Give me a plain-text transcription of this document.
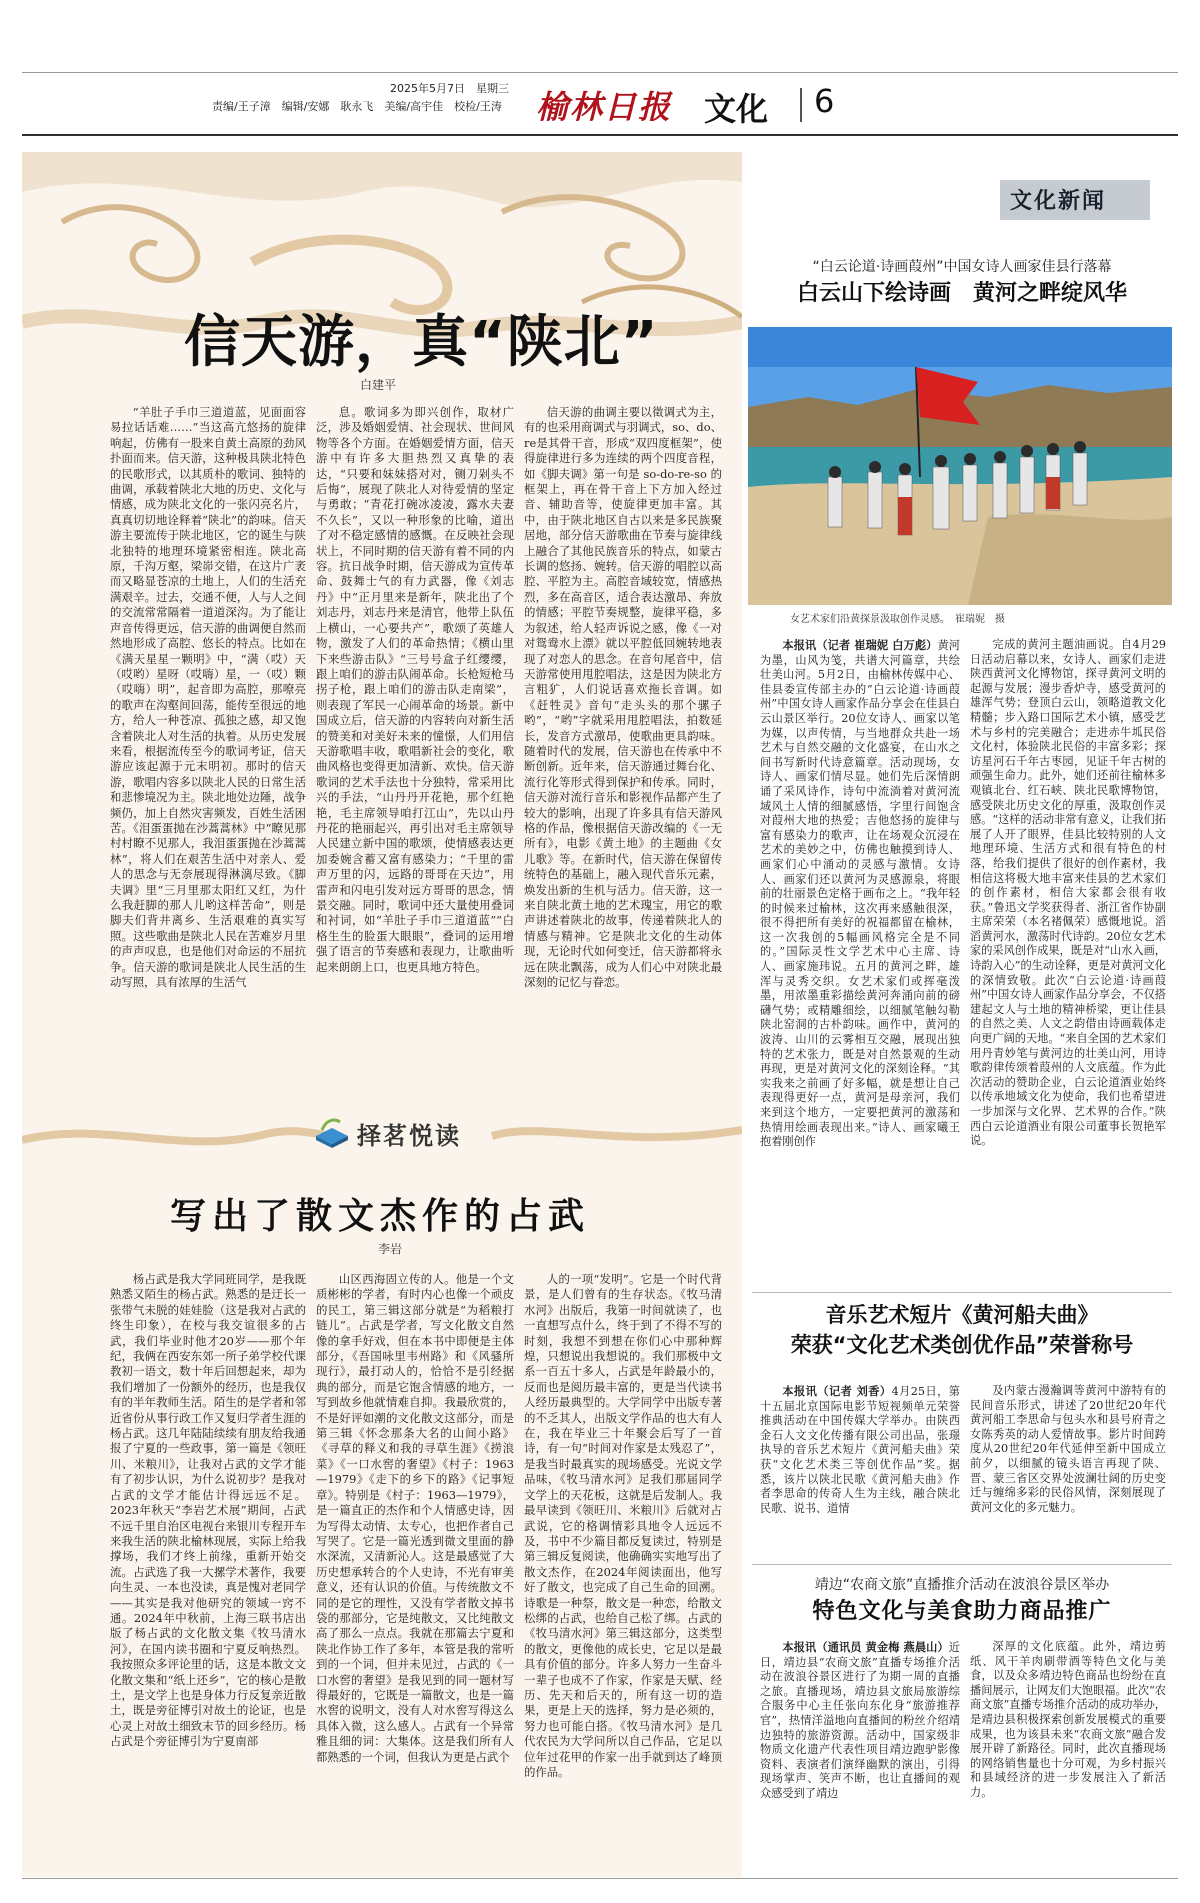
2025年5月7日　星期三
责编/王子漳　编辑/安娜　耿永飞　美编/高宇佳　校检/王涛 榆林日报 文化 6
信天游，真“陕北”
白建平

“羊肚子手巾三道道蓝，见面面容易拉话话难……”当这高亢悠扬的旋律响起，仿佛有一股来自黄土高原的劲风扑面而来。信天游，这种极具陕北特色的民歌形式，以其质朴的歌词、独特的曲调，承载着陕北大地的历史、文化与情感，成为陕北文化的一张闪亮名片，真真切切地诠释着“陕北”的韵味。信天游主要流传于陕北地区，它的诞生与陕北独特的地理环境紧密相连。陕北高原，千沟万壑，梁峁交错，在这片广袤而又略显苍凉的土地上，人们的生活充满艰辛。过去，交通不便，人与人之间的交流常常隔着一道道深沟。为了能让声音传得更远，信天游的曲调便自然而然地形成了高腔、悠长的特点。比如在《满天星星一颗明》中，“满（哎）天（哎哟）星呀（哎嗨）星，一（哎）颗（哎嗨）明”，起音即为高腔，那嘹亮的歌声在沟壑间回荡，能传至很远的地方，给人一种苍凉、孤独之感，却又饱含着陕北人对生活的执着。从历史发展来看，根据流传至今的歌词考证，信天游应该起源于元末明初。那时的信天游，歌唱内容多以陕北人民的日常生活和悲惨境况为主。陕北地处边陲，战争频仍，加上自然灾害频发，百姓生活困苦。《泪蛋蛋抛在沙蒿蒿林》中“瞭见那村村瞭不见那人，我泪蛋蛋抛在沙蒿蒿林”，将人们在艰苦生活中对亲人、爱人的思念与无奈展现得淋漓尽致。《脚夫调》里“三月里那太阳红又红，为什么我赶脚的那人儿哟这样苦命”，则是脚夫们背井离乡、生活艰难的真实写照。这些歌曲是陕北人民在苦难岁月里的声声叹息，也是他们对命运的不屈抗争。信天游的歌词是陕北人民生活的生动写照，具有浓厚的生活气

息。歌词多为即兴创作，取材广泛，涉及婚姻爱情、社会现状、世间风物等各个方面。在婚姻爱情方面，信天游中有许多大胆热烈又真挚的表达，“只要和妹妹搭对对，铡刀剁头不后悔”，展现了陕北人对待爱情的坚定与勇敢；“青花打碗冰凌凌，露水夫妻不久长”，又以一种形象的比喻，道出了对不稳定感情的感慨。在反映社会现状上，不同时期的信天游有着不同的内容。抗日战争时期，信天游成为宣传革命、鼓舞士气的有力武器，像《刘志丹》中“正月里来是新年，陕北出了个刘志丹，刘志丹来是清官，他带上队伍上横山，一心要共产”，歌颂了英雄人物，激发了人们的革命热情；《横山里下来些游击队》“三号号盒子红缨缨，跟上咱们的游击队闹革命。长枪短枪马拐子枪，跟上咱们的游击队走南梁”，则表现了军民一心闹革命的场景。新中国成立后，信天游的内容转向对新生活的赞美和对美好未来的憧憬，人们用信天游歌唱丰收，歌唱新社会的变化，歌曲风格也变得更加清新、欢快。信天游歌词的艺术手法也十分独特，常采用比兴的手法，“山丹丹开花艳，那个红艳艳，毛主席领导咱打江山”，先以山丹丹花的艳丽起兴，再引出对毛主席领导人民建立新中国的歌颂，使情感表达更加委婉含蓄又富有感染力；“千里的雷声万里的闪，远路的哥哥在天边”，用雷声和闪电引发对远方哥哥的思念，情景交融。同时，歌词中还大量使用叠词和衬词，如“羊肚子手巾三道道蓝”“白格生生的脸蛋大眼眼”，叠词的运用增强了语言的节奏感和表现力，让歌曲听起来朗朗上口，也更具地方特色。

信天游的曲调主要以徵调式为主，有的也采用商调式与羽调式，so、do、re是其骨干音，形成“双四度框架”，使得旋律进行多为连续的两个四度音程，如《脚夫调》第一句是 so-do-re-so 的框架上，再在骨干音上下方加入经过音、辅助音等，使旋律更加丰富。其中，由于陕北地区自古以来是多民族聚居地，部分信天游歌曲在节奏与旋律线上融合了其他民族音乐的特点，如蒙古长调的悠扬、婉转。信天游的唱腔以高腔、平腔为主。高腔音域较宽，情感热烈，多在高音区，适合表达激昂、奔放的情感；平腔节奏规整，旋律平稳，多为叙述，给人轻声诉说之感，像《一对对鸳鸯水上漂》就以平腔低回婉转地表现了对恋人的思念。在音句尾音中，信天游常使用甩腔唱法，这是因为陕北方言粗犷，人们说话喜欢拖长音调。如《赶牲灵》音句“走头头的那个骡子哟”，“哟”字就采用甩腔唱法，拍数延长，发音方式激昂，使歌曲更具韵味。随着时代的发展，信天游也在传承中不断创新。近年来，信天游通过舞台化、流行化等形式得到保护和传承。同时，信天游对流行音乐和影视作品都产生了较大的影响，出现了许多具有信天游风格的作品，像根据信天游改编的《一无所有》，电影《黄土地》的主题曲《女儿歌》等。在新时代，信天游在保留传统特色的基础上，融入现代音乐元素，焕发出新的生机与活力。信天游，这一来自陕北黄土地的艺术瑰宝，用它的歌声讲述着陕北的故事，传递着陕北人的情感与精神。它是陕北文化的生动体现，无论时代如何变迁，信天游都将永远在陕北飘荡，成为人们心中对陕北最深刻的记忆与眷恋。

择茗悦读
写出了散文杰作的占武
李岩

杨占武是我大学同班同学，是我既熟悉又陌生的杨占武。熟悉的是迂长一张带气未脱的娃娃脸（这是我对占武的终生印象），在校与我交谊很多的占武，我们毕业时他才20岁——那个年纪，我俩在西安东郊一所子弟学校代课教初一语文，数十年后回想起来，却为我们增加了一份额外的经历，也是我仅有的半年教师生活。陌生的是学者和邻近省份从事行政工作又复归学者生涯的杨占武。这几年陆陆续续有朋友给我通报了宁夏的一些政事，第一篇是《领旺川、米粮川》，让我对占武的文学才能有了初步认识，为什么说初步？是我对占武的文学才能估计得远远不足。2023年秋天“李岩艺术展”期间，占武不远千里自治区电视台来银川专程开车来我生活的陕北榆林现展，实际上给我撑场，我们才终上前缘，重新开始交流。占武选了我一大摞学术著作，我要向生灵、一本也没读，真是愧对老同学——其实是我对他研究的领域一窍不通。2024年中秋前，上海三联书店出版了杨占武的文化散文集《牧马清水河》，在国内读书圈和宁夏反响热烈。我按照众多评论里的话，这是本散文文化散文集和“纸上还乡”，它的核心是散土，是文学上也是身体力行反复亲近散土，既是旁征博引对故土的论证，也是心灵上对故土细致末节的回乡经历。杨占武是个旁征博引为宁夏南部

山区西海固立传的人。他是一个文质彬彬的学者，有时内心也像一个顽皮的民工，第三辑这部分就是“为稻粮打链儿”。占武是学者，写文化散文自然像的拿手好戏，但在本书中即便是主体部分，《吾国咏里韦州路》和《风骚所现行》，最打动人的，恰恰不是引经据典的部分，而是它饱含情感的地方，一写到故乡他就情难自抑。我最欣赏的，不是好评如潮的文化散文这部分，而是第三辑《怀念那条大名的山间小路》《寻草的释义和我的寻草生涯》《捞浪菜》《一口水窖的奢望》《村子：1963—1979》《走下的乡下的路》《记事短章》。特别是《村子：1963—1979》，是一篇直正的杰作和个人情感史诗，因为写得太动情、太专心，也把作者自己写哭了。它是一篇光透到微文里面的静水深流，又清新沁人。这是最感觉了大历史想承转合的个人史诗，不光有审美意义，还有认识的价值。与传统散文不同的是它的理性，又没有学者散文掉书袋的那部分，它是纯散文，又比纯散文高了那么一点点。我就在那篇去宁夏和陕北作协工作了多年，本管是我的常听到的一个词，但并未见过，占武的《一口水窖的奢望》是我见到的同一题材写得最好的，它既是一篇散文，也是一篇水窖的说明文，没有人对水窖写得这么具体入微，这么感人。占武有一个异常雅且细的词：大集体。这是我们所有人都熟悉的一个词，但我认为更是占武个

人的一项“发明”。它是一个时代背景，是人们曾有的生存状态。《牧马清水河》出版后，我第一时间就读了，也一直想写点什么，终于到了不得不写的时刻，我想不到想在你们心中那种辉煌，只想说出我想说的。我们那极中文系一百五十多人，占武是年龄最小的，反而也是阅历最丰富的，更是当代读书人经历最典型的。大学同学中出版专著的不乏其人，出版文学作品的也大有人在，我在毕业三十年聚会后写了一首诗，有一句“时间对作家是太残忍了”，是我当时最真实的现场感受。光说文学品味，《牧马清水河》足我们那届同学文学上的天花板，这就是后发制人。我最早读到《领旺川、米粮川》后就对占武说，它的格调情彩具地令人远远不及，书中不少篇目都反复读过，特别是第三辑反复阅读，他确确实实地写出了散文杰作，在2024年阅读面出，他写好了散文，也完成了自己生命的回溯。诗歌是一种祭，散文是一种恋，给散文松绑的占武，也给自己松了绑。占武的《牧马清水河》第三辑这部分，这类型的散文，更像他的成长史，它足以是最具有价值的部分。许多人努力一生奋斗一辈子也成不了作家，作家是天赋、经历、先天和后天的，所有这一切的造果，更是上天的选择，努力是必须的，努力也可能白搭。《牧马清水河》是几代农民为大学问所以自己作品，它足以位年过花甲的作家一出手就到达了峰顶的作品。

文化新闻
“白云论道·诗画葭州”中国女诗人画家佳县行落幕
白云山下绘诗画　黄河之畔绽风华
女艺术家们沿黄探景汲取创作灵感。　崔瑞妮　摄

本报讯（记者 崔瑞妮 白万彪）黄河为墨，山风为笺，共谱大河篇章，共绘壮美山河。5月2日，由榆林传媒中心、佳县委宣传部主办的“白云论道·诗画葭州”中国女诗人画家作品分享会在佳县白云山景区举行。20位女诗人、画家以笔为媒，以声传情，与当地群众共赴一场艺术与自然交融的文化盛宴，在山水之间书写新时代诗意篇章。活动现场，女诗人、画家们情尽显。她们先后深情朗诵了采风诗作，诗句中流淌着对黄河流域风土人情的细腻感悟，字里行间饱含对葭州大地的热爱；吉他悠扬的旋律与富有感染力的歌声，让在场观众沉浸在艺术的美妙之中，仿佛也触摸到诗人、画家们心中涌动的灵感与激情。女诗人、画家们还以黄河为灵感源泉，将眼前的壮丽景色定格于画布之上。“我年轻的时候来过榆林，这次再来感触很深，很不得把所有美好的祝福都留在榆林，这一次我创的5幅画风格完全是不同的。”国际灵性文学艺术中心主席、诗人、画家施玮说。五月的黄河之畔，雄浑与灵秀交织。女艺术家们或挥毫泼墨，用浓墨重彩描绘黄河奔涌向前的磅礴气势；或精雕细绘，以细腻笔触勾勒陕北窑洞的古朴韵味。画作中，黄河的波涛、山川的云雾相互交融，展现出独特的艺术张力，既是对自然景观的生动再现，更是对黄河文化的深刻诠释。“其实我来之前画了好多幅，就是想让自己表现得更好一点，黄河是母亲河，我们来到这个地方，一定要把黄河的激荡和热情用绘画表现出来。”诗人、画家曦王抱着刚创作

完成的黄河主题油画说。自4月29日活动启幕以来，女诗人、画家们走进陕西黄河文化博物馆，探寻黄河文明的起源与发展；漫步香炉寺，感受黄河的雄浑气势；登顶白云山，领略道教文化精髓；步入路口国际艺术小镇，感受艺术与乡村的完美融合；走进赤牛坬民俗文化村，体验陕北民俗的丰富多彩；探访星河石千年古枣园，见证千年古树的顽强生命力。此外，她们还前往榆林多观镇北台、红石峡、陕北民歌博物馆，感受陕北历史文化的厚重，汲取创作灵感。“这样的活动非常有意义，让我们拓展了人开了眼界，佳县比较特别的人文地理环境、生活方式和很有特色的村落，给我们提供了很好的创作素材，我相信这将极大地丰富来佳县的艺术家们的创作素材，相信大家都会很有收获。”鲁迅文学奖获得者、浙江省作协副主席荣荣（本名褚佩荣）感慨地说。滔滔黄河水，激荡时代诗韵。20位女艺术家的采风创作成果，既是对“山水入画，诗韵入心”的生动诠释，更是对黄河文化的深情致敬。此次“白云论道·诗画葭州”中国女诗人画家作品分享会，不仅搭建起文人与土地的精神桥梁，更让佳县的自然之美、人文之韵借由诗画载体走向更广阔的天地。“来自全国的艺术家们用丹青妙笔与黄河边的壮美山河，用诗歌韵律传颂着葭州的人文底蕴。作为此次活动的赞助企业，白云论道酒业始终以传承地域文化为使命，我们也希望进一步加深与文化界、艺术界的合作。”陕西白云论道酒业有限公司董事长贺艳军说。

音乐艺术短片《黄河船夫曲》
荣获“文化艺术类创优作品”荣誉称号

本报讯（记者 刘香）4月25日，第十五届北京国际电影节短视频单元荣誉推典活动在中国传媒大学举办。由陕西金石人文文化传播有限公司出品，张璟执导的音乐艺术短片《黄河船夫曲》荣获“文化艺术类三等创优作品”奖。据悉，该片以陕北民歌《黄河船夫曲》作者李思命的传奇人生为主线，融合陕北民歌、说书、道情

及内蒙古漫瀚调等黄河中游特有的民间音乐形式，讲述了20世纪20年代黄河船工李思命与包头水和县号府青之女陈秀英的动人爱情故事。影片时间跨度从20世纪20年代延伸至新中国成立前夕，以细腻的镜头语言再现了陕、晋、蒙三省区交界处波澜壮阔的历史变迁与缠绵多彩的民俗风情，深刻展现了黄河文化的多元魅力。

靖边“农商文旅”直播推介活动在波浪谷景区举办
特色文化与美食助力商品推广

本报讯（通讯员 黄金梅 燕晨山）近日，靖边县“农商文旅”直播专场推介活动在波浪谷景区进行了为期一周的直播之旅。直播现场，靖边县文旅局旅游综合服务中心主任张向东化身“旅游推荐官”，热情洋溢地向直播间的粉丝介绍靖边独特的旅游资源。活动中，国家级非物质文化遗产代表性项目靖边跑驴影像资料、表演者们演绎幽默的演出，引得现场掌声、笑声不断，也让直播间的观众感受到了靖边

深厚的文化底蕴。此外，靖边剪纸、风干羊肉刷带酒等特色文化与美食，以及众多靖边特色商品也纷纷在直播间展示，让网友们大饱眼福。此次“农商文旅”直播专场推介活动的成功举办，是靖边县积极探索创新发展模式的重要成果，也为该县未来“农商文旅”融合发展开辟了新路径。同时，此次直播现场的网络销售量也十分可观，为乡村振兴和县域经济的进一步发展注入了新活力。
